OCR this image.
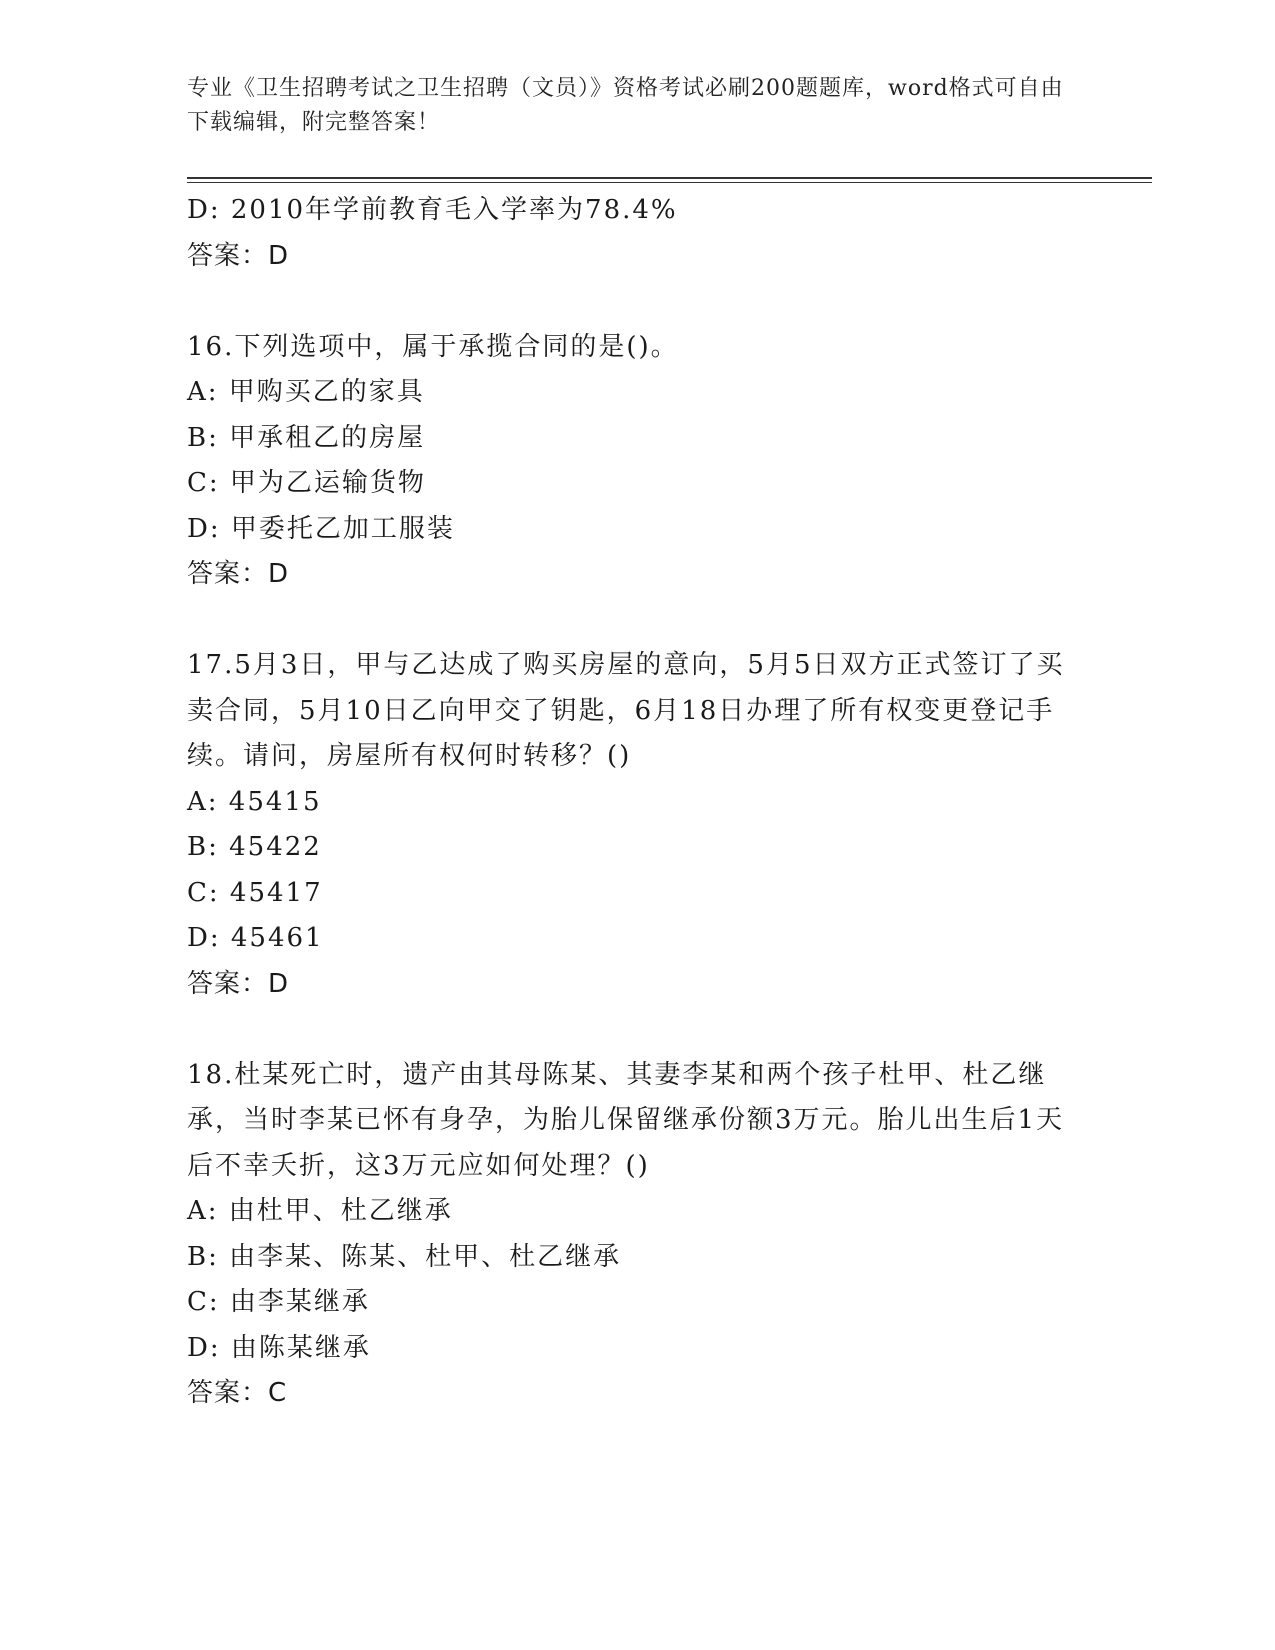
专业《卫生招聘考试之卫生招聘（文员）》资格考试必刷200题题库，word格式可自由下载编辑，附完整答案！
D: 2010年学前教育毛入学率为78.4%
答案：D
16.下列选项中，属于承揽合同的是()。
A: 甲购买乙的家具
B: 甲承租乙的房屋
C: 甲为乙运输货物
D: 甲委托乙加工服装
答案：D
17.5月3日，甲与乙达成了购买房屋的意向，5月5日双方正式签订了买卖合同，5月10日乙向甲交了钥匙，6月18日办理了所有权变更登记手续。请问，房屋所有权何时转移？()
A: 45415
B: 45422
C: 45417
D: 45461
答案：D
18.杜某死亡时，遗产由其母陈某、其妻李某和两个孩子杜甲、杜乙继承，当时李某已怀有身孕，为胎儿保留继承份额3万元。胎儿出生后1天后不幸夭折，这3万元应如何处理？()
A: 由杜甲、杜乙继承
B: 由李某、陈某、杜甲、杜乙继承
C: 由李某继承
D: 由陈某继承
答案：C
